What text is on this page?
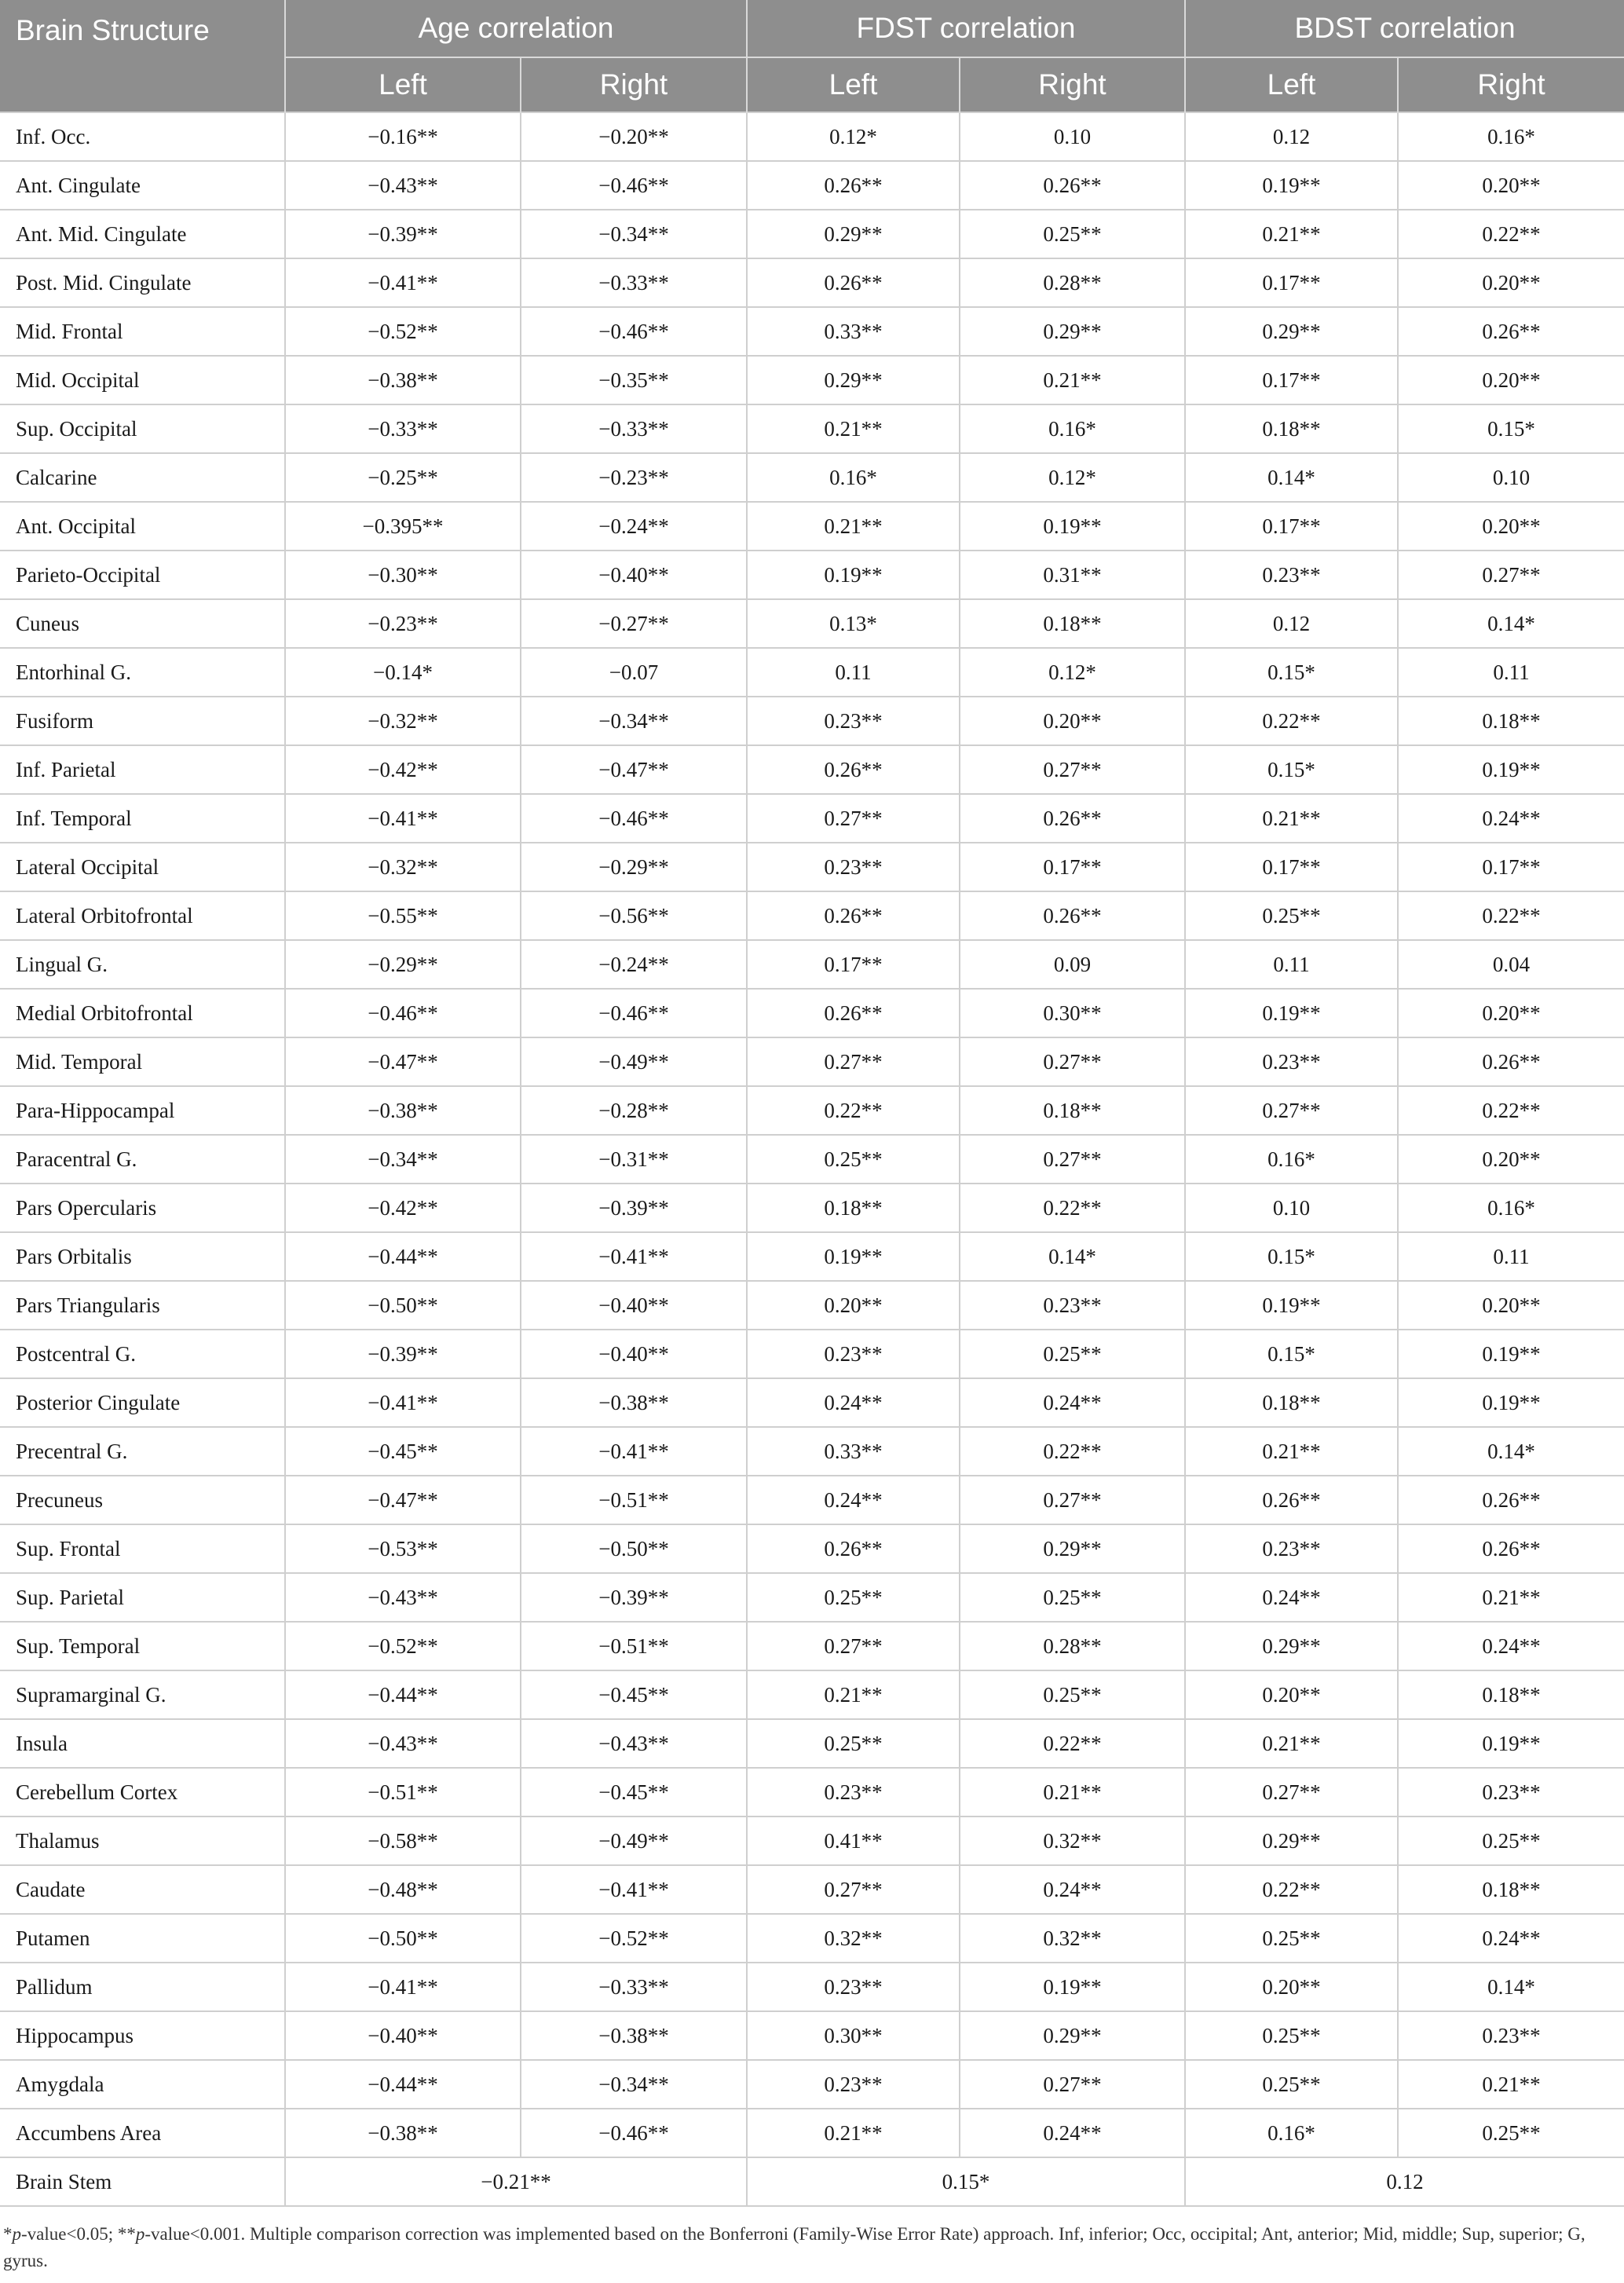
Brain Structure	Age correlation		FDST correlation		BDST correlation	
	Left	Right	Left	Right	Left	Right
Inf. Occ.	−0.16**	−0.20**	0.12*	0.10	0.12	0.16*
Ant. Cingulate	−0.43**	−0.46**	0.26**	0.26**	0.19**	0.20**
Ant. Mid. Cingulate	−0.39**	−0.34**	0.29**	0.25**	0.21**	0.22**
Post. Mid. Cingulate	−0.41**	−0.33**	0.26**	0.28**	0.17**	0.20**
Mid. Frontal	−0.52**	−0.46**	0.33**	0.29**	0.29**	0.26**
Mid. Occipital	−0.38**	−0.35**	0.29**	0.21**	0.17**	0.20**
Sup. Occipital	−0.33**	−0.33**	0.21**	0.16*	0.18**	0.15*
Calcarine	−0.25**	−0.23**	0.16*	0.12*	0.14*	0.10
Ant. Occipital	−0.395**	−0.24**	0.21**	0.19**	0.17**	0.20**
Parieto-Occipital	−0.30**	−0.40**	0.19**	0.31**	0.23**	0.27**
Cuneus	−0.23**	−0.27**	0.13*	0.18**	0.12	0.14*
Entorhinal G.	−0.14*	−0.07	0.11	0.12*	0.15*	0.11
Fusiform	−0.32**	−0.34**	0.23**	0.20**	0.22**	0.18**
Inf. Parietal	−0.42**	−0.47**	0.26**	0.27**	0.15*	0.19**
Inf. Temporal	−0.41**	−0.46**	0.27**	0.26**	0.21**	0.24**
Lateral Occipital	−0.32**	−0.29**	0.23**	0.17**	0.17**	0.17**
Lateral Orbitofrontal	−0.55**	−0.56**	0.26**	0.26**	0.25**	0.22**
Lingual G.	−0.29**	−0.24**	0.17**	0.09	0.11	0.04
Medial Orbitofrontal	−0.46**	−0.46**	0.26**	0.30**	0.19**	0.20**
Mid. Temporal	−0.47**	−0.49**	0.27**	0.27**	0.23**	0.26**
Para-Hippocampal	−0.38**	−0.28**	0.22**	0.18**	0.27**	0.22**
Paracentral G.	−0.34**	−0.31**	0.25**	0.27**	0.16*	0.20**
Pars Opercularis	−0.42**	−0.39**	0.18**	0.22**	0.10	0.16*
Pars Orbitalis	−0.44**	−0.41**	0.19**	0.14*	0.15*	0.11
Pars Triangularis	−0.50**	−0.40**	0.20**	0.23**	0.19**	0.20**
Postcentral G.	−0.39**	−0.40**	0.23**	0.25**	0.15*	0.19**
Posterior Cingulate	−0.41**	−0.38**	0.24**	0.24**	0.18**	0.19**
Precentral G.	−0.45**	−0.41**	0.33**	0.22**	0.21**	0.14*
Precuneus	−0.47**	−0.51**	0.24**	0.27**	0.26**	0.26**
Sup. Frontal	−0.53**	−0.50**	0.26**	0.29**	0.23**	0.26**
Sup. Parietal	−0.43**	−0.39**	0.25**	0.25**	0.24**	0.21**
Sup. Temporal	−0.52**	−0.51**	0.27**	0.28**	0.29**	0.24**
Supramarginal G.	−0.44**	−0.45**	0.21**	0.25**	0.20**	0.18**
Insula	−0.43**	−0.43**	0.25**	0.22**	0.21**	0.19**
Cerebellum Cortex	−0.51**	−0.45**	0.23**	0.21**	0.27**	0.23**
Thalamus	−0.58**	−0.49**	0.41**	0.32**	0.29**	0.25**
Caudate	−0.48**	−0.41**	0.27**	0.24**	0.22**	0.18**
Putamen	−0.50**	−0.52**	0.32**	0.32**	0.25**	0.24**
Pallidum	−0.41**	−0.33**	0.23**	0.19**	0.20**	0.14*
Hippocampus	−0.40**	−0.38**	0.30**	0.29**	0.25**	0.23**
Amygdala	−0.44**	−0.34**	0.23**	0.27**	0.25**	0.21**
Accumbens Area	−0.38**	−0.46**	0.21**	0.24**	0.16*	0.25**
Brain Stem	−0.21**		0.15*		0.12	
*p-value<0.05; **p-value<0.001. Multiple comparison correction was implemented based on the Bonferroni (Family-Wise Error Rate) approach. Inf, inferior; Occ, occipital; Ant, anterior; Mid, middle; Sup, superior; G, gyrus.
